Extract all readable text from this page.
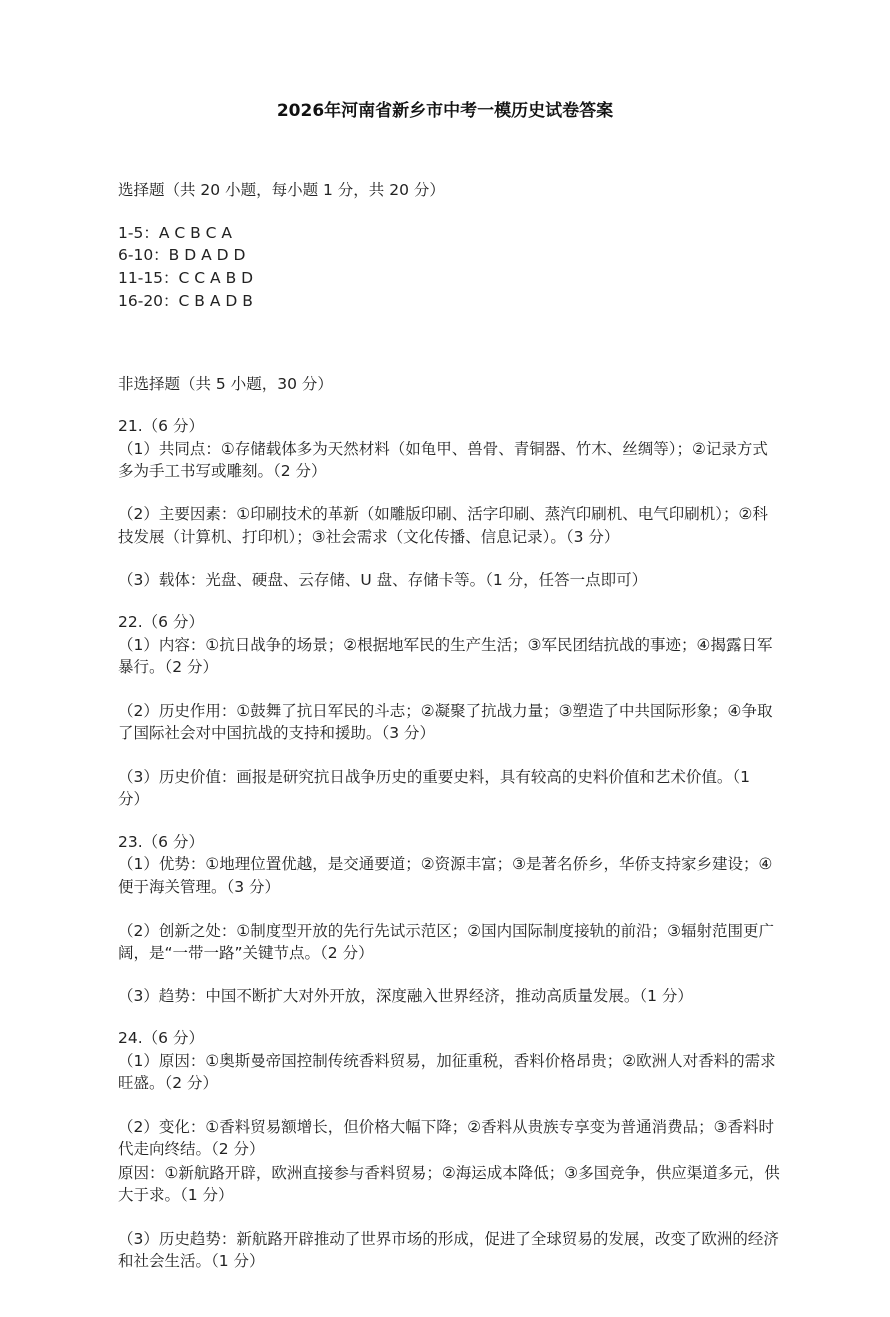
2026年河南省新乡市中考一模历史试卷答案
选择题（共 20 小题，每小题 1 分，共 20 分）
1-5：A C B C A
6-10：B D A D D
11-15：C C A B D
16-20：C B A D B
非选择题（共 5 小题，30 分）
21.（6 分）
（1）共同点：①存储载体多为天然材料（如龟甲、兽骨、青铜器、竹木、丝绸等）；②记录方式
多为手工书写或雕刻。（2 分）
（2）主要因素：①印刷技术的革新（如雕版印刷、活字印刷、蒸汽印刷机、电气印刷机）；②科
技发展（计算机、打印机）；③社会需求（文化传播、信息记录）。（3 分）
（3）载体：光盘、硬盘、云存储、U 盘、存储卡等。（1 分，任答一点即可）
22.（6 分）
（1）内容：①抗日战争的场景；②根据地军民的生产生活；③军民团结抗战的事迹；④揭露日军
暴行。（2 分）
（2）历史作用：①鼓舞了抗日军民的斗志；②凝聚了抗战力量；③塑造了中共国际形象；④争取
了国际社会对中国抗战的支持和援助。（3 分）
（3）历史价值：画报是研究抗日战争历史的重要史料，具有较高的史料价值和艺术价值。（1
分）
23.（6 分）
（1）优势：①地理位置优越，是交通要道；②资源丰富；③是著名侨乡，华侨支持家乡建设；④
便于海关管理。（3 分）
（2）创新之处：①制度型开放的先行先试示范区；②国内国际制度接轨的前沿；③辐射范围更广
阔，是“一带一路”关键节点。（2 分）
（3）趋势：中国不断扩大对外开放，深度融入世界经济，推动高质量发展。（1 分）
24.（6 分）
（1）原因：①奥斯曼帝国控制传统香料贸易，加征重税，香料价格昂贵；②欧洲人对香料的需求
旺盛。（2 分）
（2）变化：①香料贸易额增长，但价格大幅下降；②香料从贵族专享变为普通消费品；③香料时
代走向终结。（2 分）
原因：①新航路开辟，欧洲直接参与香料贸易；②海运成本降低；③多国竞争，供应渠道多元，供
大于求。（1 分）
（3）历史趋势：新航路开辟推动了世界市场的形成，促进了全球贸易的发展，改变了欧洲的经济
和社会生活。（1 分）
